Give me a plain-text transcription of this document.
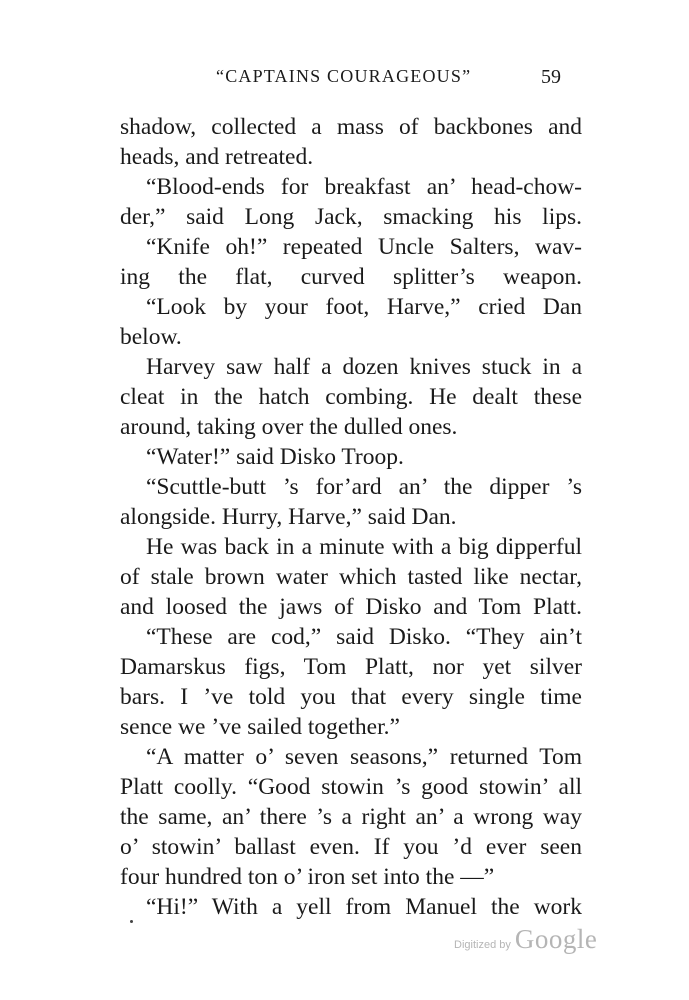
“CAPTAINS COURAGEOUS”	59
shadow, collected a mass of backbones and
heads, and retreated.
“Blood-ends for breakfast an’ head-chow-
der,” said Long Jack, smacking his lips.
“Knife oh!” repeated Uncle Salters, wav-
ing the flat, curved splitter’s weapon.
“Look by your foot, Harve,” cried Dan
below.
Harvey saw half a dozen knives stuck in a
cleat in the hatch combing. He dealt these
around, taking over the dulled ones.
“Water!” said Disko Troop.
“Scuttle-butt ’s for’ard an’ the dipper ’s
alongside. Hurry, Harve,” said Dan.
He was back in a minute with a big dipperful
of stale brown water which tasted like nectar,
and loosed the jaws of Disko and Tom Platt.
“These are cod,” said Disko. “They ain’t
Damarskus figs, Tom Platt, nor yet silver
bars. I ’ve told you that every single time
sence we ’ve sailed together.”
“A matter o’ seven seasons,” returned Tom
Platt coolly. “Good stowin ’s good stowin’ all
the same, an’ there ’s a right an’ a wrong way
o’ stowin’ ballast even. If you ’d ever seen
four hundred ton o’ iron set into the —”
“Hi!” With a yell from Manuel the work
Digitized by Google
